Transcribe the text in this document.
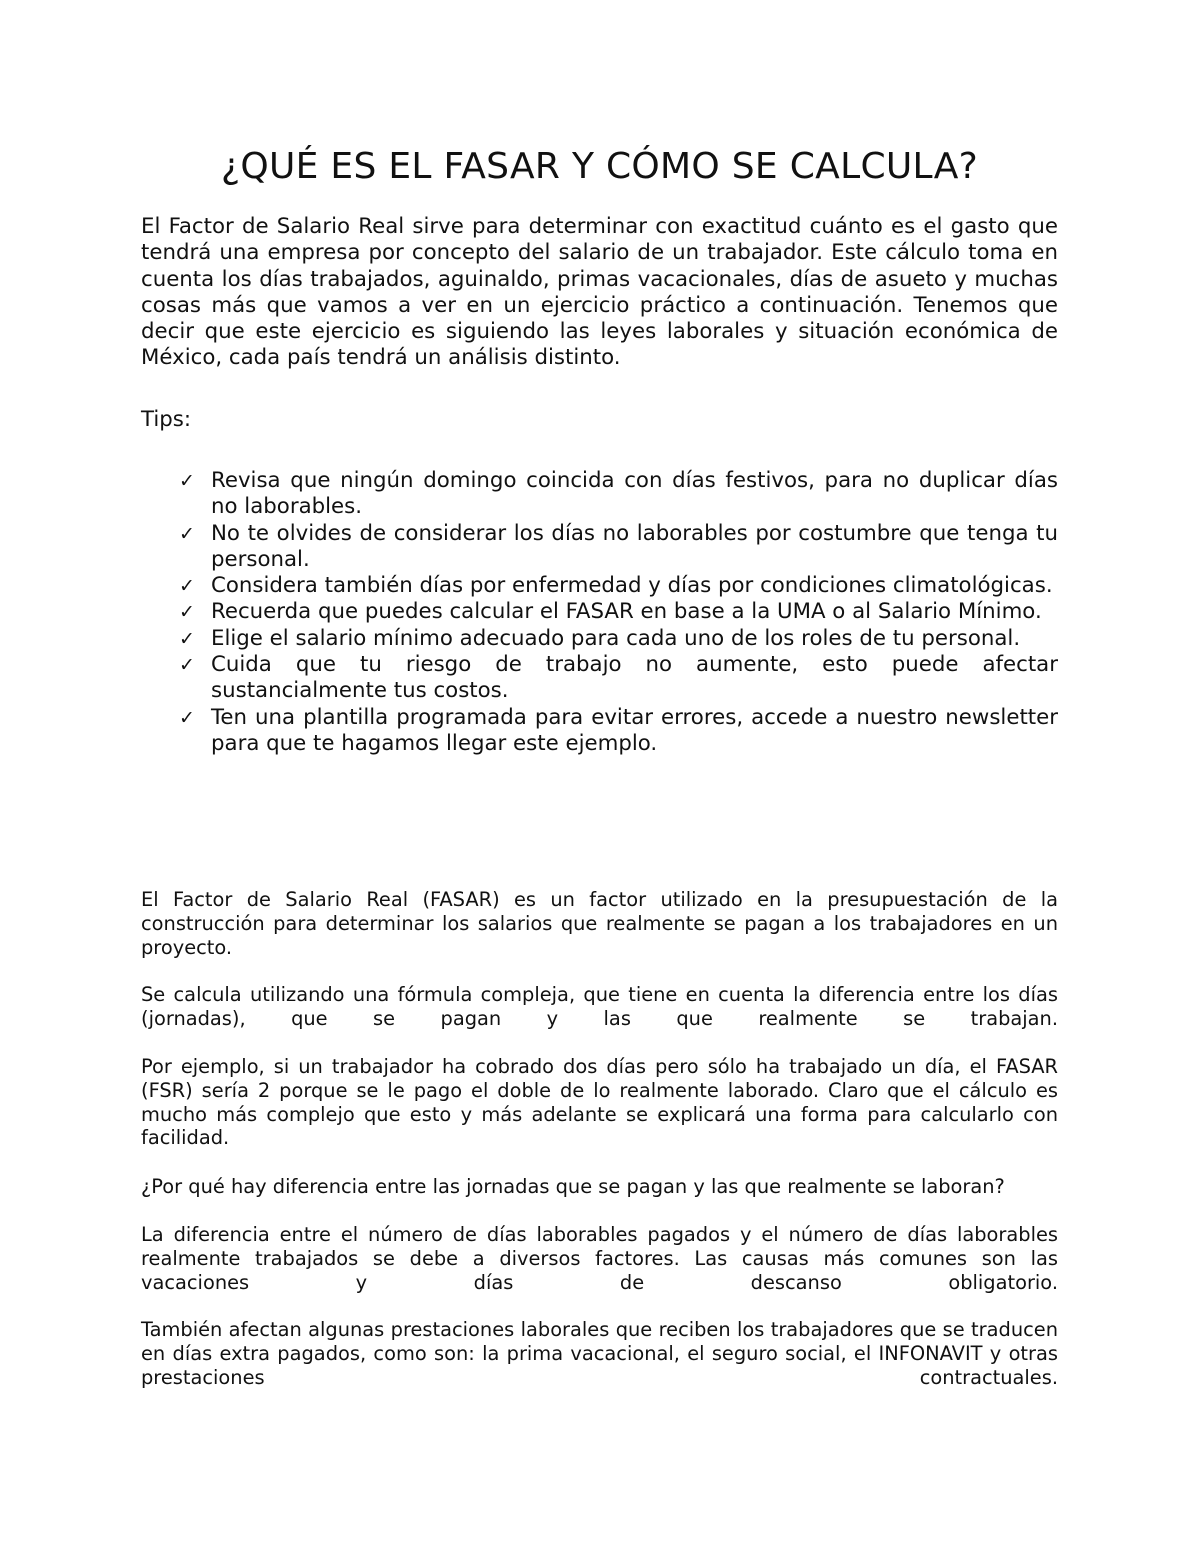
¿QUÉ ES EL FASAR Y CÓMO SE CALCULA?

El Factor de Salario Real sirve para determinar con exactitud cuánto es el gasto que tendrá una empresa por concepto del salario de un trabajador. Este cálculo toma en cuenta los días trabajados, aguinaldo, primas vacacionales, días de asueto y muchas cosas más que vamos a ver en un ejercicio práctico a continuación. Tenemos que decir que este ejercicio es siguiendo las leyes laborales y situación económica de México, cada país tendrá un análisis distinto.

Tips:

✓ Revisa que ningún domingo coincida con días festivos, para no duplicar días no laborables.
✓ No te olvides de considerar los días no laborables por costumbre que tenga tu personal.
✓ Considera también días por enfermedad y días por condiciones climatológicas.
✓ Recuerda que puedes calcular el FASAR en base a la UMA o al Salario Mínimo.
✓ Elige el salario mínimo adecuado para cada uno de los roles de tu personal.
✓ Cuida que tu riesgo de trabajo no aumente, esto puede afectar sustancialmente tus costos.
✓ Ten una plantilla programada para evitar errores, accede a nuestro newsletter para que te hagamos llegar este ejemplo.

El Factor de Salario Real (FASAR) es un factor utilizado en la presupuestación de la construcción para determinar los salarios que realmente se pagan a los trabajadores en un proyecto.

Se calcula utilizando una fórmula compleja, que tiene en cuenta la diferencia entre los días (jornadas), que se pagan y las que realmente se trabajan.

Por ejemplo, si un trabajador ha cobrado dos días pero sólo ha trabajado un día, el FASAR (FSR) sería 2 porque se le pago el doble de lo realmente laborado. Claro que el cálculo es mucho más complejo que esto y más adelante se explicará una forma para calcularlo con facilidad.

¿Por qué hay diferencia entre las jornadas que se pagan y las que realmente se laboran?

La diferencia entre el número de días laborables pagados y el número de días laborables realmente trabajados se debe a diversos factores. Las causas más comunes son las vacaciones y días de descanso obligatorio.

También afectan algunas prestaciones laborales que reciben los trabajadores que se traducen en días extra pagados, como son: la prima vacacional, el seguro social, el INFONAVIT y otras prestaciones contractuales.
